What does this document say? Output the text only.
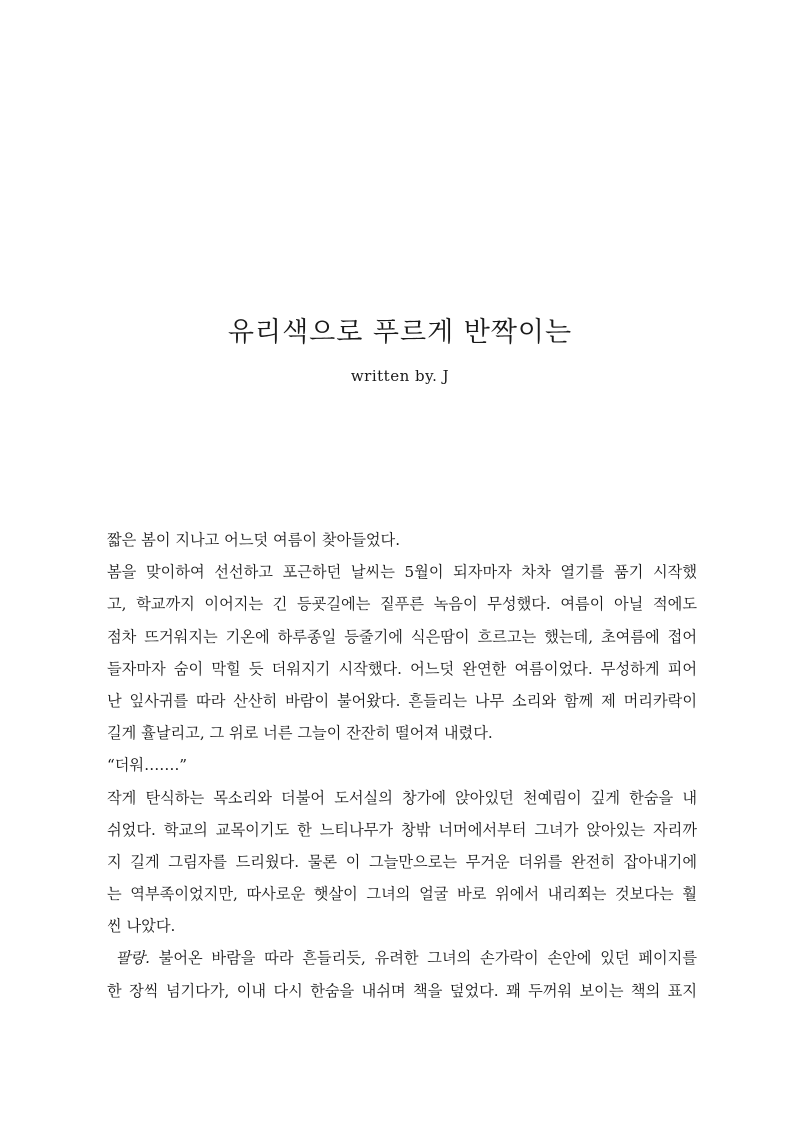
유리색으로 푸르게 반짝이는

written by. J

짧은 봄이 지나고 어느덧 여름이 찾아들었다.
봄을 맞이하여 선선하고 포근하던 날씨는 5월이 되자마자 차차 열기를 품기 시작했
고, 학교까지 이어지는 긴 등굣길에는 짙푸른 녹음이 무성했다. 여름이 아닐 적에도
점차 뜨거워지는 기온에 하루종일 등줄기에 식은땀이 흐르고는 했는데, 초여름에 접어
들자마자 숨이 막힐 듯 더워지기 시작했다. 어느덧 완연한 여름이었다. 무성하게 피어
난 잎사귀를 따라 산산히 바람이 불어왔다. 흔들리는 나무 소리와 함께 제 머리카락이
길게 휼날리고, 그 위로 너른 그늘이 잔잔히 떨어져 내렸다.
“더워…….”
작게 탄식하는 목소리와 더불어 도서실의 창가에 앉아있던 천예림이 깊게 한숨을 내
쉬었다. 학교의 교목이기도 한 느티나무가 창밖 너머에서부터 그녀가 앉아있는 자리까
지 길게 그림자를 드리웠다. 물론 이 그늘만으로는 무거운 더위를 완전히 잡아내기에
는 역부족이었지만, 따사로운 햇살이 그녀의 얼굴 바로 위에서 내리쬐는 것보다는 훨
씬 나았다.
팔랑. 불어온 바람을 따라 흔들리듯, 유려한 그녀의 손가락이 손안에 있던 페이지를
한 장씩 넘기다가, 이내 다시 한숨을 내쉬며 책을 덮었다. 꽤 두꺼워 보이는 책의 표지
